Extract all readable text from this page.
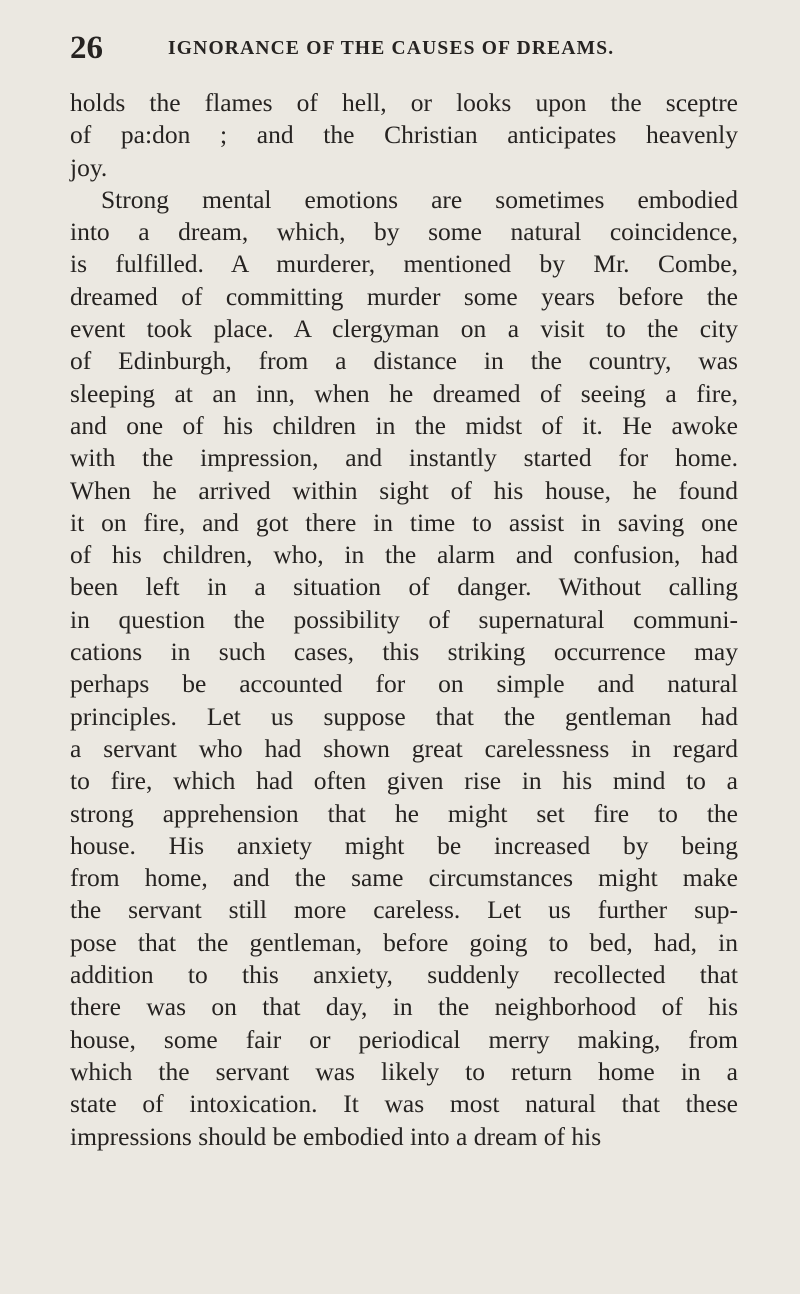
26	IGNORANCE OF THE CAUSES OF DREAMS.
holds the flames of hell, or looks upon the sceptre
of pa:don ; and the Christian anticipates heavenly
joy.
Strong mental emotions are sometimes embodied
into a dream, which, by some natural coincidence,
is fulfilled. A murderer, mentioned by Mr. Combe,
dreamed of committing murder some years before the
event took place. A clergyman on a visit to the city
of Edinburgh, from a distance in the country, was
sleeping at an inn, when he dreamed of seeing a fire,
and one of his children in the midst of it. He awoke
with the impression, and instantly started for home.
When he arrived within sight of his house, he found
it on fire, and got there in time to assist in saving one
of his children, who, in the alarm and confusion, had
been left in a situation of danger. Without calling
in question the possibility of supernatural communi-
cations in such cases, this striking occurrence may
perhaps be accounted for on simple and natural
principles. Let us suppose that the gentleman had
a servant who had shown great carelessness in regard
to fire, which had often given rise in his mind to a
strong apprehension that he might set fire to the
house. His anxiety might be increased by being
from home, and the same circumstances might make
the servant still more careless. Let us further sup-
pose that the gentleman, before going to bed, had, in
addition to this anxiety, suddenly recollected that
there was on that day, in the neighborhood of his
house, some fair or periodical merry making, from
which the servant was likely to return home in a
state of intoxication. It was most natural that these
impressions should be embodied into a dream of his
